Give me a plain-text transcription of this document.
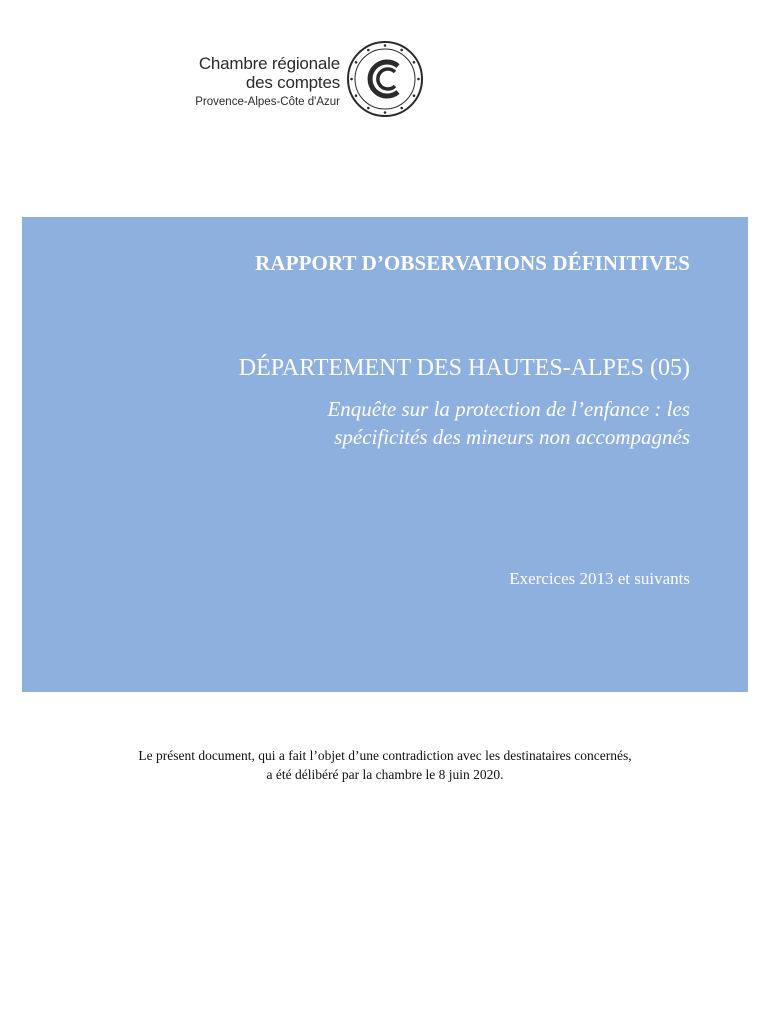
Chambre régionale
des comptes
Provence-Alpes-Côte d'Azur
RAPPORT D’OBSERVATIONS DÉFINITIVES
DÉPARTEMENT DES HAUTES-ALPES (05)
Enquête sur la protection de l’enfance : les
spécificités des mineurs non accompagnés
Exercices 2013 et suivants
Le présent document, qui a fait l’objet d’une contradiction avec les destinataires concernés,
a été délibéré par la chambre le 8 juin 2020.
